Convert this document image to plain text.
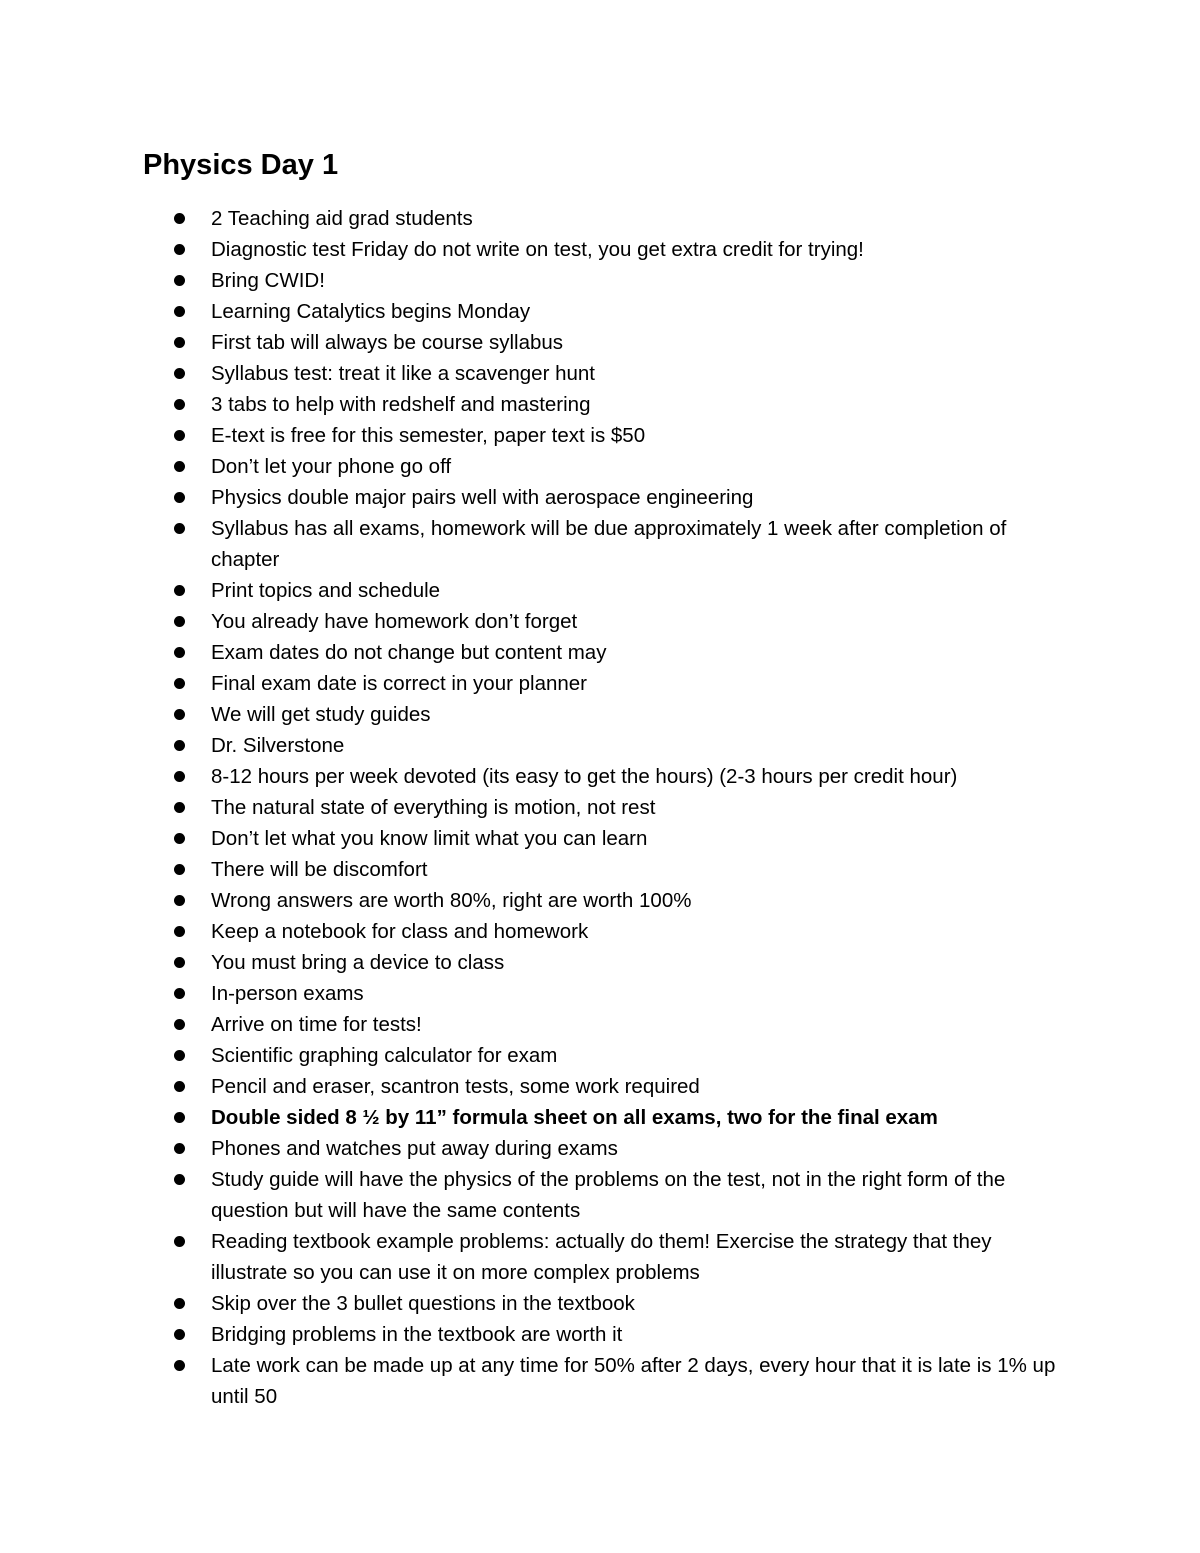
Physics Day 1
2 Teaching aid grad students
Diagnostic test Friday do not write on test, you get extra credit for trying!
Bring CWID!
Learning Catalytics begins Monday
First tab will always be course syllabus
Syllabus test: treat it like a scavenger hunt
3 tabs to help with redshelf and mastering
E-text is free for this semester, paper text is $50
Don’t let your phone go off
Physics double major pairs well with aerospace engineering
Syllabus has all exams, homework will be due approximately 1 week after completion of chapter
Print topics and schedule
You already have homework don’t forget
Exam dates do not change but content may
Final exam date is correct in your planner
We will get study guides
Dr. Silverstone
8-12 hours per week devoted (its easy to get the hours) (2-3 hours per credit hour)
The natural state of everything is motion, not rest
Don’t let what you know limit what you can learn
There will be discomfort
Wrong answers are worth 80%, right are worth 100%
Keep a notebook for class and homework
You must bring a device to class
In-person exams
Arrive on time for tests!
Scientific graphing calculator for exam
Pencil and eraser, scantron tests, some work required
Double sided 8 ½ by 11” formula sheet on all exams, two for the final exam
Phones and watches put away during exams
Study guide will have the physics of the problems on the test, not in the right form of the question but will have the same contents
Reading textbook example problems: actually do them! Exercise the strategy that they illustrate so you can use it on more complex problems
Skip over the 3 bullet questions in the textbook
Bridging problems in the textbook are worth it
Late work can be made up at any time for 50% after 2 days, every hour that it is late is 1% up until 50
